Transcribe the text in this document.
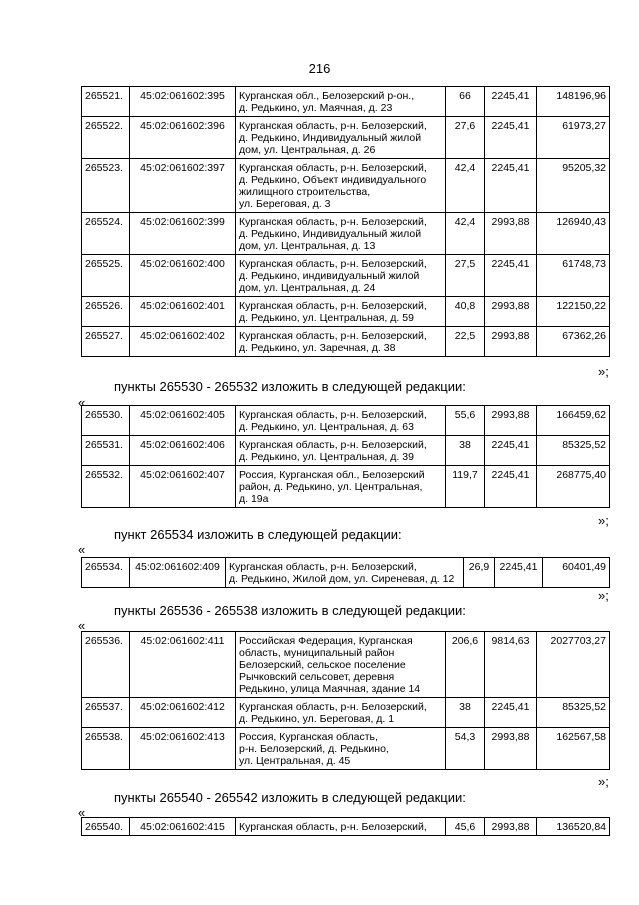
216
265521.	45:02:061602:395	Курганская обл., Белозерский р-он.,
д. Редькино, ул. Маячная, д. 23	66	2245,41	148196,96
265522.	45:02:061602:396	Курганская область, р-н. Белозерский,
д. Редькино, Индивидуальный жилой
дом, ул. Центральная, д. 26	27,6	2245,41	61973,27
265523.	45:02:061602:397	Курганская область, р-н. Белозерский,
д. Редькино, Объект индивидуального
жилищного строительства,
ул. Береговая, д. 3	42,4	2245,41	95205,32
265524.	45:02:061602:399	Курганская область, р-н. Белозерский,
д. Редькино, Индивидуальный жилой
дом, ул. Центральная, д. 13	42,4	2993,88	126940,43
265525.	45:02:061602:400	Курганская область, р-н. Белозерский,
д. Редькино, индивидуальный жилой
дом, ул. Центральная, д. 24	27,5	2245,41	61748,73
265526.	45:02:061602:401	Курганская область, р-н. Белозерский,
д. Редькино, ул. Центральная, д. 59	40,8	2993,88	122150,22
265527.	45:02:061602:402	Курганская область, р-н. Белозерский,
д. Редькино, ул. Заречная, д. 38	22,5	2993,88	67362,26
»;
пункты 265530 - 265532 изложить в следующей редакции:
«
265530.	45:02:061602:405	Курганская область, р-н. Белозерский,
д. Редькино, ул. Центральная, д. 63	55,6	2993,88	166459,62
265531.	45:02:061602:406	Курганская область, р-н. Белозерский,
д. Редькино, ул. Центральная, д. 39	38	2245,41	85325,52
265532.	45:02:061602:407	Россия, Курганская обл., Белозерский
район, д. Редькино, ул. Центральная,
д. 19а	119,7	2245,41	268775,40
»;
пункт 265534 изложить в следующей редакции:
«
265534.	45:02:061602:409	Курганская область, р-н. Белозерский,
д. Редькино, Жилой дом, ул. Сиреневая, д. 12
	26,9	2245,41	60401,49
»;
пункты 265536 - 265538 изложить в следующей редакции:
«
265536.	45:02:061602:411	Российская Федерация, Курганская
область, муниципальный район
Белозерский, сельское поселение
Рычковский сельсовет, деревня
Редькино, улица Маячная, здание 14	206,6	9814,63	2027703,27
265537.	45:02:061602:412	Курганская область, р-н. Белозерский,
д. Редькино, ул. Береговая, д. 1	38	2245,41	85325,52
265538.	45:02:061602:413	Россия, Курганская область,
р-н. Белозерский, д. Редькино,
ул. Центральная, д. 45	54,3	2993,88	162567,58
»;
пункты 265540 - 265542 изложить в следующей редакции:
«
265540.	45:02:061602:415	Курганская область, р-н. Белозерский,	45,6	2993,88	136520,84
